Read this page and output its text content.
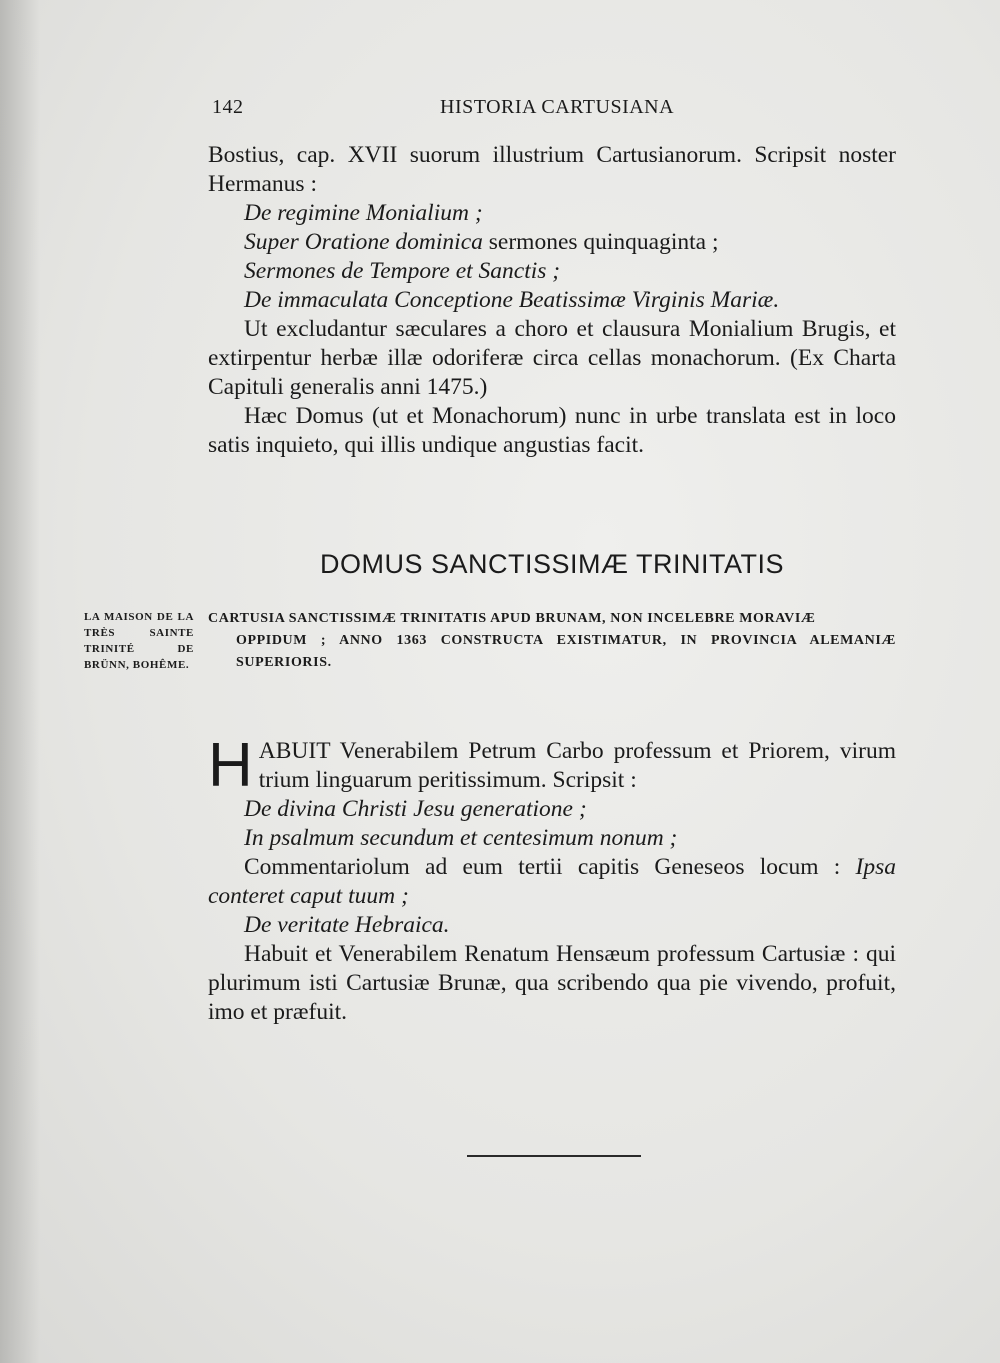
142	HISTORIA CARTUSIANA

Bostius, cap. XVII suorum illustrium Cartusianorum. Scripsit noster Hermanus :

De regimine Monialium ;
Super Oratione dominica sermones quinquaginta ;
Sermones de Tempore et Sanctis ;
De immaculata Conceptione Beatissimæ Virginis Mariæ.

Ut excludantur sæculares a choro et clausura Monialium Brugis, et extirpentur herbæ illæ odoriferæ circa cellas monachorum. (Ex Charta Capituli generalis anni 1475.)

Hæc Domus (ut et Monachorum) nunc in urbe translata est in loco satis inquieto, qui illis undique angustias facit.

DOMUS SANCTISSIMÆ TRINITATIS
LA MAISON DE LA TRÈS SAINTE TRINITÉ DE BRÜNN, BOHÊME.
CARTUSIA SANCTISSIMÆ TRINITATIS APUD BRUNAM, NON INCELEBRE MORAVIÆ
OPPIDUM ; ANNO 1363 CONSTRUCTA EXISTIMATUR, IN PROVINCIA ALEMANIÆ SUPERIORIS.

HABUIT Venerabilem Petrum Carbo professum et Priorem, virum trium linguarum peritissimum. Scripsit :

De divina Christi Jesu generatione ;
In psalmum secundum et centesimum nonum ;

Commentariolum ad eum tertii capitis Geneseos locum : Ipsa conteret caput tuum ;

De veritate Hebraica.

Habuit et Venerabilem Renatum Hensæum professum Cartusiæ : qui plurimum isti Cartusiæ Brunæ, qua scribendo qua pie vivendo, profuit, imo et præfuit.
